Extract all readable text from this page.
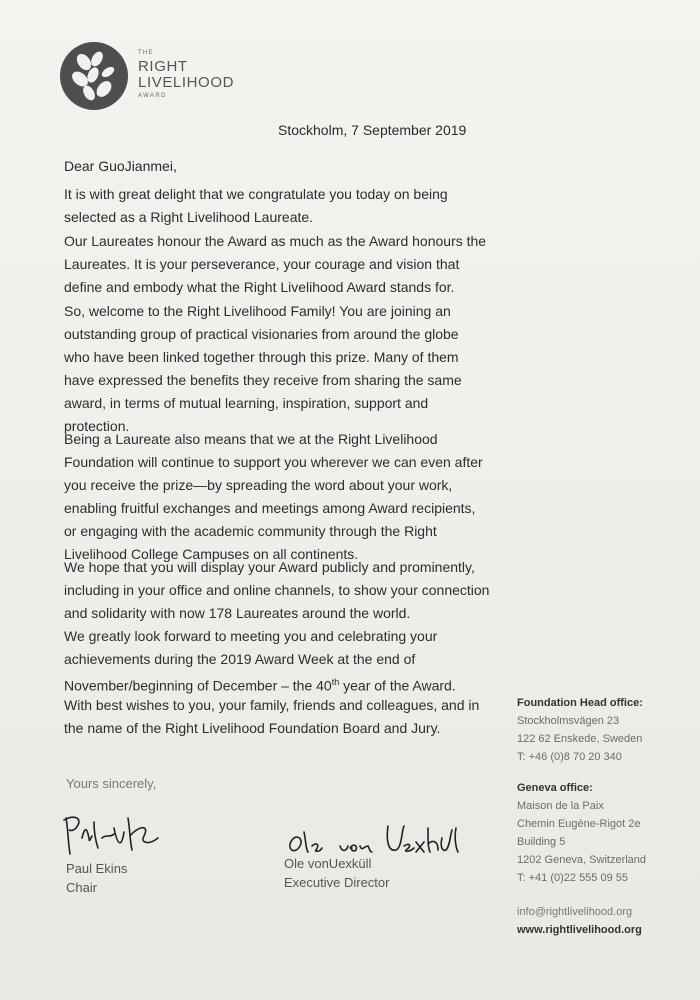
THE
RIGHT
LIVELIHOOD
AWARD
Stockholm, 7 September 2019
Dear GuoJianmei,

It is with great delight that we congratulate you today on being
selected as a Right Livelihood Laureate.

Our Laureates honour the Award as much as the Award honours the
Laureates. It is your perseverance, your courage and vision that
define and embody what the Right Livelihood Award stands for.

So, welcome to the Right Livelihood Family! You are joining an
outstanding group of practical visionaries from around the globe
who have been linked together through this prize. Many of them
have expressed the benefits they receive from sharing the same
award, in terms of mutual learning, inspiration, support and
protection.

Being a Laureate also means that we at the Right Livelihood
Foundation will continue to support you wherever we can even after
you receive the prize—by spreading the word about your work,
enabling fruitful exchanges and meetings among Award recipients,
or engaging with the academic community through the Right
Livelihood College Campuses on all continents.

We hope that you will display your Award publicly and prominently,
including in your office and online channels, to show your connection
and solidarity with now 178 Laureates around the world.

We greatly look forward to meeting you and celebrating your
achievements during the 2019 Award Week at the end of
November/beginning of December – the 40th year of the Award.

With best wishes to you, your family, friends and colleagues, and in
the name of the Right Livelihood Foundation Board and Jury.

Yours sincerely,
Paul Ekins
Chair
Ole vonUexküll
Executive Director
Foundation Head office:
Stockholmsvägen 23
122 62 Enskede, Sweden
T: +46 (0)8 70 20 340
Geneva office:
Maison de la Paix
Chemin Eugène-Rigot 2e
Building 5
1202 Geneva, Switzerland
T: +41 (0)22 555 09 55
info@rightlivelihood.org
www.rightlivelihood.org
